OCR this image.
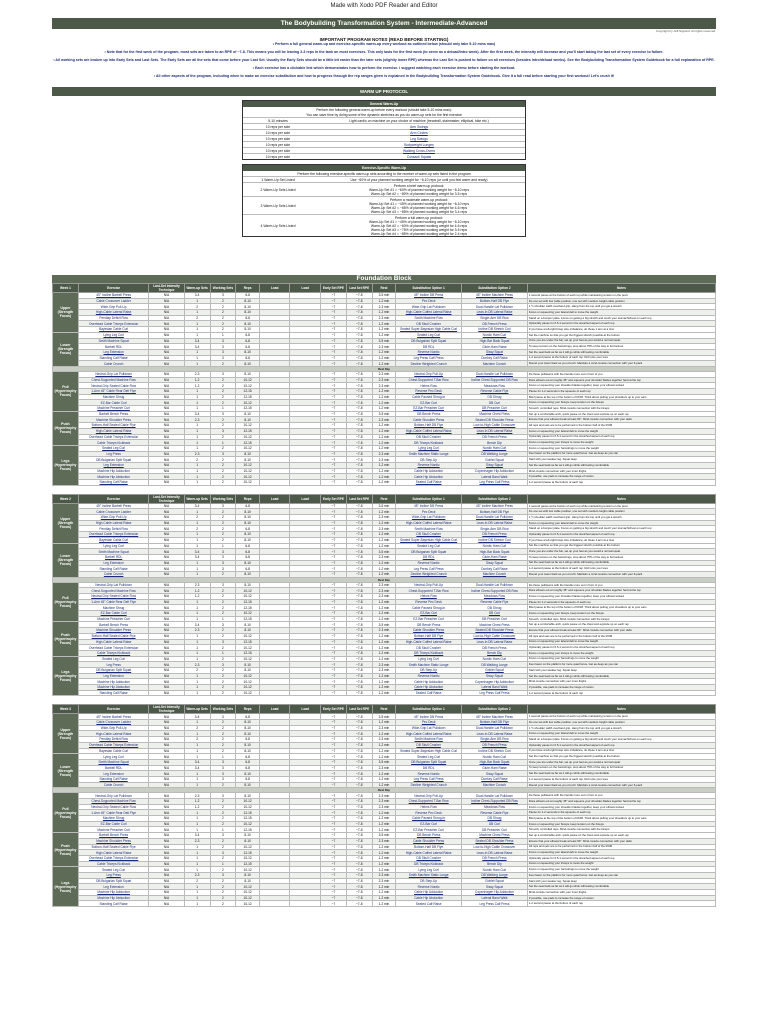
Made with Xodo PDF Reader and Editor
The Bodybuilding Transformation System - Intermediate-Advanced
Copyright by Jeff Nippard. All rights reserved.
IMPORTANT PROGRAM NOTES (READ BEFORE STARTING)
• Perform a full general warm-up and exercise-specific warm-up every workout as outlined below (should only take 5-10 mins max)
• Note that for the first week of the program, most sets are taken to an RPE of ~7-8. This means you will be leaving 2-3 reps in the tank on most exercises. This only lasts for the first week (to serve as a deload/intro week). After the first week, the intensity will increase and you'll start taking the last set of every exercise to failure.
• All working sets are broken up into Early Sets and Last Sets. The Early Sets are all the sets that come before your Last Set. Usually the Early Sets should be a little bit easier than the later sets (slightly lower RPE) whereas the Last Set is pushed to failure on all exercises (besides intro/deload weeks). See the Bodybuilding Transformation System Guidebook for a full explanation of RPE.
• Each exercise has a clickable link which demonstrates how to perform the exercise. I suggest watching each exercise demo before starting the workout.
• All other aspects of the program, including when to make an exercise substitution and how to progress through the rep ranges given is explained in the Bodybuilding Transformation System Guidebook. Give it a full read before starting your first workout! Let's crush it!
WARM UP PROTOCOL
General Warm-Up
Perform the following general warm-up before every workout (should take 5-10 mins max):
You can save time by doing some of the dynamic stretches as you do warm-up sets for the first exercise
5-10 minutes	Light cardio on machine on your choice of machine (treadmill, stairmaster, elliptical, bike etc.)
10 reps per side	Arm Swings
10 reps per side	Arm Circles
10 reps per side	Leg Swings
10 reps per side	Bodyweight Lunges
10 reps per side	Walking Cross-Overs
10 reps per side	Cossack Squats
Exercise-Specific Warm-Up
Perform the following exercise-specific warm-up sets according to the number of warm-up sets listed in the program
1 Warm-Up Set Listed	Use ~60% of your planned working weight for ~6-10 reps (or until you feel warm and ready)
2 Warm-Up Sets Listed
Perform a brief warm-up protocol:
Warm-Up Set #1 = ~60% of planned working weight for ~6-10 reps
Warm-Up Set #2 = ~80% of planned working weight for 3-5 reps
3 Warm-Up Sets Listed
Perform a moderate warm-up protocol:
Warm-Up Set #1 = ~45% of planned working weight for ~6-10 reps
Warm-Up Set #2 = ~65% of planned working weight for 4-6 reps
Warm-Up Set #3 = ~85% of planned working weight for 3-4 reps
4 Warm-Up Sets Listed
Perform a full warm-up protocol:
Warm-Up Set #1 = ~45% of planned working weight for ~6-10 reps
Warm-Up Set #2 = ~60% of planned working weight for 4-6 reps
Warm-Up Set #3 = ~75% of planned working weight for 3-5 reps
Warm-Up Set #4 = ~85% of planned working weight for 2-4 reps
Foundation Block
Week 1	Exercise	Last-Set Intensity Technique	Warm-up Sets	Working Sets	Reps	Load	Load	Early Set RPE	Last Set RPE	Rest	Substitution Option 1	Substitution Option 2	Notes
Upper (Strength Focus)	45° Incline Barbell Press	N/A	3-4	3	6-8			~7	~7-8	3-5 min	45° Incline DB Press	45° Incline Machine Press	1 second pause at the bottom of each rep while maintaining tension on the pecs
	Cable Crossover Ladder	N/A	1	2	8-10			~7	~7-8	1-2 min	Pec Deck	Bottom-Half DB Flye	Do one set with low cable position, one set with medium-height cable position
	Wide-Grip Pull-Up	N/A	2	2	8-10			~7	~7-8	2-3 min	Wide-Grip Lat Pulldown	Dual-Handle Lat Pulldown	1 ½ shoulder width overhand grip. Hang from the top until you get a stretch
	High-Cable Lateral Raise	N/A	1	2	8-10			~7	~7-8	1-2 min	High-Cable Cuffed Lateral Raise	Lean-In DB Lateral Raise	Focus on squeezing your lateral delt to move the weight
	Pendlay Deficit Row	N/A	2	2	6-8			~7	~7-8	2-3 min	Smith Machine Row	Single-Arm DB Row	Stand on a bumper plate. Focus on getting a big stretch and touch your stomach/chest on each rep
	Overhead Cable Triceps Extension	N/A	1	2	8-10			~7	~7-8	1-2 min	DB Skull Crusher	DB French Press	Optionally pause for 0.5-1 second in the stretched aspect of each rep
	Bayesian Cable Curl	N/A	1	2	8-10			~7	~7-8	1-2 min	Seated Super-Bayesian High Cable Curl	Incline DB Stretch Curl	If you have a left-right bicep size imbalance, do these 1 arm at a time
Lower (Strength Focus)	Lying Leg Curl	N/A	1	1	6-8			~7	~7-8	1-2 min	Seated Leg Curl	Nordic Ham Curl	Set the machine so that you get the biggest stretch possible at the bottom
	Smith Machine Squat	N/A	3-4	3	6-8			~7	~7-8	3-5 min	DB Bulgarian Split Squat	High-Bar Back Squat	Once you are under the bar, set up your feet as you would a normal squat
	Barbell RDL	N/A	3-4	3	6-8			~7	~7-8	2-3 min	DB RDL	Glute-Ham Raise	To keep tension on the hamstrings, stop about 75% of the way to full lockout
	Leg Extension	N/A	1	3	8-10			~7	~7-8	1-2 min	Reverse Nordic	Sissy Squat	Set the seat back as far as it will go while still feeling comfortable
	Standing Calf Raise	N/A	1	3	6-8			~7	~7-8	1-2 min	Leg Press Calf Press	Donkey Calf Raise	1-2 second pause at the bottom of each rep. Roll onto your toes
	Cable Crunch	N/A	1	2	8-10			~7	~7-8	1-2 min	Decline Weighted Crunch	Machine Crunch	Round your lower back as you crunch. Maintain a mind-muscle connection with your 6-pack
Rest Day													
Pull (Hypertrophy Focus)	Neutral-Grip Lat Pulldown	N/A	2-3	3	8-10			~7	~7-8	2-3 min	Neutral-Grip Pull-Up	Dual-Handle Lat Pulldown	Do these pulldowns with the handle more out in front of you
	Chest-Supported Machine Row	N/A	1-2	2	10-12			~7	~7-8	2-3 min	Chest-Supported T-Bar Row	Incline Chest-Supported DB Row	Flare elbows out at roughly 45° and squeeze your shoulder blades together hard at the top
	Neutral-Grip Seated Cable Row	N/A	1-2	2	10-12			~7	~7-8	2-3 min	Helms Row	Meadows Row	Focus on squeezing your shoulder blades together, keep your elbows tucked
	1-Arm 45° Cable Rear Delt Flye	N/A	1	2	12-15			~7	~7-8	1-2 min	Reverse Pec Deck	Reverse Cable Flye	Pause for 1-2 seconds in the squeeze of each rep
	Machine Shrug	N/A	1	2	12-15			~7	~7-8	1-2 min	Cable Paused Shrug-In	DB Shrug	Brief pause at the top of the bottom of ROM. Think about pulling your shoulders up to your ears
	EZ-Bar Cable Curl	N/A	1	2	10-12			~7	~7-8	1-2 min	EZ-Bar Curl	DB Curl	Focus on squeezing your biceps, keep tension on the biceps
	Machine Preacher Curl	N/A	1	1	12-15			~7	~7-8	1-2 min	EZ-Bar Preacher Curl	DB Preacher Curl	Smooth, controlled reps. Mind-muscle connection with the biceps
Push (Hypertrophy Focus)	Barbell Bench Press	N/A	3-4	3	8-10			~7	~7-8	3-5 min	DB Bench Press	Machine Chest Press	Set up a comfortable arch, quick pause on the chest and explode up on each rep
	Machine Shoulder Press	N/A	2-3	2	8-10			~7	~7-8	2-3 min	Cable Shoulder Press	Seated DB Shoulder Press	Ensure that your elbows break at least 90°. Mind-muscle connection with your delts
	Bottom-Half Seated Cable Flye	N/A	1	2	10-12			~7	~7-8	1-2 min	Bottom-Half DB Flye	Low-to-High Cable Crossover	All reps and sets are to be performed in the bottom half of the ROM
	High-Cable Lateral Raise	N/A	1	3	12-15			~7	~7-8	1-2 min	High-Cable Cuffed Lateral Raise	Lean-In DB Lateral Raise	Focus on squeezing your lateral delt to move the weight
	Overhead Cable Triceps Extension	N/A	1	2	10-12			~7	~7-8	1-2 min	DB Skull Crusher	DB French Press	Optionally pause for 0.5-1 second in the stretched aspect of each rep
	Cable Triceps Kickback	N/A	1	1	12-15			~7	~7-8	1-2 min	DB Triceps Kickback	Bench Dip	Focus on squeezing your triceps to move the weight
Legs (Hypertrophy Focus)	Seated Leg Curl	N/A	1	2	10-12			~7	~7-8	1-2 min	Lying Leg Curl	Nordic Ham Curl	Focus on squeezing your hamstrings to move the weight
	Leg Press	N/A	2-3	3	8-10			~7	~7-8	2-3 min	Smith Machine Static Lunge	DB Walking Lunge	Feet lower on the platform for more quad focus. Get as deep as you can
	DB Bulgarian Split Squat	N/A	2	2	8-10			~7	~7-8	2-3 min	DB Step-Up	Goblet Squat	Start with your weaker leg. Squat deep
	Leg Extension	N/A	1	2	10-12			~7	~7-8	1-2 min	Reverse Nordic	Sissy Squat	Set the seat back as far as it will go while still feeling comfortable
	Machine Hip Adduction	N/A	1	2	10-12			~7	~7-8	1-2 min	Cable Hip Adduction	Copenhagen Hip Adduction	Mind-muscle connection with your inner thighs
	Machine Hip Abduction	N/A	1	2	10-12			~7	~7-8	1-2 min	Cable Hip Abduction	Lateral Band Walk	If possible, use pads to increase the range of motion
	Standing Calf Raise	N/A	1	2	10-12			~7	~7-8	1-2 min	Seated Calf Raise	Leg Press Calf Press	1-2 second pause at the bottom of each rep
Week 2	Exercise	Last-Set Intensity Technique	Warm-up Sets	Working Sets	Reps	Load	Load	Early Set RPE	Last Set RPE	Rest	Substitution Option 1	Substitution Option 2	Notes
Upper (Strength Focus)	45° Incline Barbell Press	N/A	3-4	3	6-8			~7	~7-8	3-5 min	45° Incline DB Press	45° Incline Machine Press	1 second pause at the bottom of each rep while maintaining tension on the pecs
	Cable Crossover Ladder	N/A	1	2	8-10			~7	~7-8	1-2 min	Pec Deck	Bottom-Half DB Flye	Do one set with low cable position, one set with medium-height cable position
	Wide-Grip Pull-Up	N/A	2	2	8-10			~7	~7-8	2-3 min	Wide-Grip Lat Pulldown	Dual-Handle Lat Pulldown	1 ½ shoulder width overhand grip. Hang from the top until you get a stretch
	High-Cable Lateral Raise	N/A	1	2	8-10			~7	~7-8	1-2 min	High-Cable Cuffed Lateral Raise	Lean-In DB Lateral Raise	Focus on squeezing your lateral delt to move the weight
	Pendlay Deficit Row	N/A	2	2	6-8			~7	~7-8	2-3 min	Smith Machine Row	Single-Arm DB Row	Stand on a bumper plate. Focus on getting a big stretch and touch your stomach/chest on each rep
	Overhead Cable Triceps Extension	N/A	1	2	8-10			~7	~7-8	1-2 min	DB Skull Crusher	DB French Press	Optionally pause for 0.5-1 second in the stretched aspect of each rep
	Bayesian Cable Curl	N/A	1	2	8-10			~7	~7-8	1-2 min	Seated Super-Bayesian High Cable Curl	Incline DB Stretch Curl	If you have a left-right bicep size imbalance, do these 1 arm at a time
Lower (Strength Focus)	Lying Leg Curl	N/A	1	1	6-8			~7	~7-8	1-2 min	Seated Leg Curl	Nordic Ham Curl	Set the machine so that you get the biggest stretch possible at the bottom
	Smith Machine Squat	N/A	3-4	3	6-8			~7	~7-8	3-5 min	DB Bulgarian Split Squat	High-Bar Back Squat	Once you are under the bar, set up your feet as you would a normal squat
	Barbell RDL	N/A	3-4	3	6-8			~7	~7-8	2-3 min	DB RDL	Glute-Ham Raise	To keep tension on the hamstrings, stop about 75% of the way to full lockout
	Leg Extension	N/A	1	3	8-10			~7	~7-8	1-2 min	Reverse Nordic	Sissy Squat	Set the seat back as far as it will go while still feeling comfortable
	Standing Calf Raise	N/A	1	3	6-8			~7	~7-8	1-2 min	Leg Press Calf Press	Donkey Calf Raise	1-2 second pause at the bottom of each rep. Roll onto your toes
	Cable Crunch	N/A	1	2	8-10			~7	~7-8	1-2 min	Decline Weighted Crunch	Machine Crunch	Round your lower back as you crunch. Maintain a mind-muscle connection with your 6-pack
Rest Day													
Pull (Hypertrophy Focus)	Neutral-Grip Lat Pulldown	N/A	2-3	3	8-10			~7	~7-8	2-3 min	Neutral-Grip Pull-Up	Dual-Handle Lat Pulldown	Do these pulldowns with the handle more out in front of you
	Chest-Supported Machine Row	N/A	1-2	2	10-12			~7	~7-8	2-3 min	Chest-Supported T-Bar Row	Incline Chest-Supported DB Row	Flare elbows out at roughly 45° and squeeze your shoulder blades together hard at the top
	Neutral-Grip Seated Cable Row	N/A	1-2	2	10-12			~7	~7-8	2-3 min	Helms Row	Meadows Row	Focus on squeezing your shoulder blades together, keep your elbows tucked
	1-Arm 45° Cable Rear Delt Flye	N/A	1	2	12-15			~7	~7-8	1-2 min	Reverse Pec Deck	Reverse Cable Flye	Pause for 1-2 seconds in the squeeze of each rep
	Machine Shrug	N/A	1	2	12-15			~7	~7-8	1-2 min	Cable Paused Shrug-In	DB Shrug	Brief pause at the top of the bottom of ROM. Think about pulling your shoulders up to your ears
	EZ-Bar Cable Curl	N/A	1	2	10-12			~7	~7-8	1-2 min	EZ-Bar Curl	DB Curl	Focus on squeezing your biceps, keep tension on the biceps
	Machine Preacher Curl	N/A	1	1	12-15			~7	~7-8	1-2 min	EZ-Bar Preacher Curl	DB Preacher Curl	Smooth, controlled reps. Mind-muscle connection with the biceps
Push (Hypertrophy Focus)	Barbell Bench Press	N/A	3-4	3	8-10			~7	~7-8	3-5 min	DB Bench Press	Machine Chest Press	Set up a comfortable arch, quick pause on the chest and explode up on each rep
	Machine Shoulder Press	N/A	2-3	2	8-10			~7	~7-8	2-3 min	Cable Shoulder Press	Seated DB Shoulder Press	Ensure that your elbows break at least 90°. Mind-muscle connection with your delts
	Bottom-Half Seated Cable Flye	N/A	1	2	10-12			~7	~7-8	1-2 min	Bottom-Half DB Flye	Low-to-High Cable Crossover	All reps and sets are to be performed in the bottom half of the ROM
	High-Cable Lateral Raise	N/A	1	3	12-15			~7	~7-8	1-2 min	High-Cable Cuffed Lateral Raise	Lean-In DB Lateral Raise	Focus on squeezing your lateral delt to move the weight
	Overhead Cable Triceps Extension	N/A	1	2	10-12			~7	~7-8	1-2 min	DB Skull Crusher	DB French Press	Optionally pause for 0.5-1 second in the stretched aspect of each rep
	Cable Triceps Kickback	N/A	1	1	12-15			~7	~7-8	1-2 min	DB Triceps Kickback	Bench Dip	Focus on squeezing your triceps to move the weight
Legs (Hypertrophy Focus)	Seated Leg Curl	N/A	1	2	10-12			~7	~7-8	1-2 min	Lying Leg Curl	Nordic Ham Curl	Focus on squeezing your hamstrings to move the weight
	Leg Press	N/A	2-3	3	8-10			~7	~7-8	2-3 min	Smith Machine Static Lunge	DB Walking Lunge	Feet lower on the platform for more quad focus. Get as deep as you can
	DB Bulgarian Split Squat	N/A	2	2	8-10			~7	~7-8	2-3 min	DB Step-Up	Goblet Squat	Start with your weaker leg. Squat deep
	Leg Extension	N/A	1	2	10-12			~7	~7-8	1-2 min	Reverse Nordic	Sissy Squat	Set the seat back as far as it will go while still feeling comfortable
	Machine Hip Adduction	N/A	1	2	10-12			~7	~7-8	1-2 min	Cable Hip Adduction	Copenhagen Hip Adduction	Mind-muscle connection with your inner thighs
	Machine Hip Abduction	N/A	1	2	10-12			~7	~7-8	1-2 min	Cable Hip Abduction	Lateral Band Walk	If possible, use pads to increase the range of motion
	Standing Calf Raise	N/A	1	2	10-12			~7	~7-8	1-2 min	Seated Calf Raise	Leg Press Calf Press	1-2 second pause at the bottom of each rep
Week 3	Exercise	Last-Set Intensity Technique	Warm-up Sets	Working Sets	Reps	Load	Load	Early Set RPE	Last Set RPE	Rest	Substitution Option 1	Substitution Option 2	Notes
Upper (Strength Focus)	45° Incline Barbell Press	N/A	3-4	3	6-8			~7	~7-8	3-5 min	45° Incline DB Press	45° Incline Machine Press	1 second pause at the bottom of each rep while maintaining tension on the pecs
	Cable Crossover Ladder	N/A	1	2	8-10			~7	~7-8	1-2 min	Pec Deck	Bottom-Half DB Flye	Do one set with low cable position, one set with medium-height cable position
	Wide-Grip Pull-Up	N/A	2	2	8-10			~7	~7-8	2-3 min	Wide-Grip Lat Pulldown	Dual-Handle Lat Pulldown	1 ½ shoulder width overhand grip. Hang from the top until you get a stretch
	High-Cable Lateral Raise	N/A	1	2	8-10			~7	~7-8	1-2 min	High-Cable Cuffed Lateral Raise	Lean-In DB Lateral Raise	Focus on squeezing your lateral delt to move the weight
	Pendlay Deficit Row	N/A	2	2	6-8			~7	~7-8	2-3 min	Smith Machine Row	Single-Arm DB Row	Stand on a bumper plate. Focus on getting a big stretch and touch your stomach/chest on each rep
	Overhead Cable Triceps Extension	N/A	1	2	8-10			~7	~7-8	1-2 min	DB Skull Crusher	DB French Press	Optionally pause for 0.5-1 second in the stretched aspect of each rep
	Bayesian Cable Curl	N/A	1	2	8-10			~7	~7-8	1-2 min	Seated Super-Bayesian High Cable Curl	Incline DB Stretch Curl	If you have a left-right bicep size imbalance, do these 1 arm at a time
Lower (Strength Focus)	Lying Leg Curl	N/A	1	1	6-8			~7	~7-8	1-2 min	Seated Leg Curl	Nordic Ham Curl	Set the machine so that you get the biggest stretch possible at the bottom
	Smith Machine Squat	N/A	3-4	3	6-8			~7	~7-8	3-5 min	DB Bulgarian Split Squat	High-Bar Back Squat	Once you are under the bar, set up your feet as you would a normal squat
	Barbell RDL	N/A	3-4	3	6-8			~7	~7-8	2-3 min	DB RDL	Glute-Ham Raise	To keep tension on the hamstrings, stop about 75% of the way to full lockout
	Leg Extension	N/A	1	3	8-10			~7	~7-8	1-2 min	Reverse Nordic	Sissy Squat	Set the seat back as far as it will go while still feeling comfortable
	Standing Calf Raise	N/A	1	3	6-8			~7	~7-8	1-2 min	Leg Press Calf Press	Donkey Calf Raise	1-2 second pause at the bottom of each rep. Roll onto your toes
	Cable Crunch	N/A	1	2	8-10			~7	~7-8	1-2 min	Decline Weighted Crunch	Machine Crunch	Round your lower back as you crunch. Maintain a mind-muscle connection with your 6-pack
Rest Day													
Pull (Hypertrophy Focus)	Neutral-Grip Lat Pulldown	N/A	2-3	3	8-10			~7	~7-8	2-3 min	Neutral-Grip Pull-Up	Dual-Handle Lat Pulldown	Do these pulldowns with the handle more out in front of you
	Chest-Supported Machine Row	N/A	1-2	2	10-12			~7	~7-8	2-3 min	Chest-Supported T-Bar Row	Incline Chest-Supported DB Row	Flare elbows out at roughly 45° and squeeze your shoulder blades together hard at the top
	Neutral-Grip Seated Cable Row	N/A	1-2	2	10-12			~7	~7-8	2-3 min	Helms Row	Meadows Row	Focus on squeezing your shoulder blades together, keep your elbows tucked
	1-Arm 45° Cable Rear Delt Flye	N/A	1	2	12-15			~7	~7-8	1-2 min	Reverse Pec Deck	Reverse Cable Flye	Pause for 1-2 seconds in the squeeze of each rep
	Machine Shrug	N/A	1	2	12-15			~7	~7-8	1-2 min	Cable Paused Shrug-In	DB Shrug	Brief pause at the top of the bottom of ROM. Think about pulling your shoulders up to your ears
	EZ-Bar Cable Curl	N/A	1	2	10-12			~7	~7-8	1-2 min	EZ-Bar Curl	DB Curl	Focus on squeezing your biceps, keep tension on the biceps
	Machine Preacher Curl	N/A	1	1	12-15			~7	~7-8	1-2 min	EZ-Bar Preacher Curl	DB Preacher Curl	Smooth, controlled reps. Mind-muscle connection with the biceps
Push (Hypertrophy Focus)	Barbell Bench Press	N/A	3-4	3	8-10			~7	~7-8	3-5 min	DB Bench Press	Machine Chest Press	Set up a comfortable arch, quick pause on the chest and explode up on each rep
	Machine Shoulder Press	N/A	2-3	2	8-10			~7	~7-8	2-3 min	Cable Shoulder Press	Seated DB Shoulder Press	Ensure that your elbows break at least 90°. Mind-muscle connection with your delts
	Bottom-Half Seated Cable Flye	N/A	1	2	10-12			~7	~7-8	1-2 min	Bottom-Half DB Flye	Low-to-High Cable Crossover	All reps and sets are to be performed in the bottom half of the ROM
	High-Cable Lateral Raise	N/A	1	3	12-15			~7	~7-8	1-2 min	High-Cable Cuffed Lateral Raise	Lean-In DB Lateral Raise	Focus on squeezing your lateral delt to move the weight
	Overhead Cable Triceps Extension	N/A	1	2	10-12			~7	~7-8	1-2 min	DB Skull Crusher	DB French Press	Optionally pause for 0.5-1 second in the stretched aspect of each rep
	Cable Triceps Kickback	N/A	1	1	12-15			~7	~7-8	1-2 min	DB Triceps Kickback	Bench Dip	Focus on squeezing your triceps to move the weight
Legs (Hypertrophy Focus)	Seated Leg Curl	N/A	1	2	10-12			~7	~7-8	1-2 min	Lying Leg Curl	Nordic Ham Curl	Focus on squeezing your hamstrings to move the weight
	Leg Press	N/A	2-3	3	8-10			~7	~7-8	2-3 min	Smith Machine Static Lunge	DB Walking Lunge	Feet lower on the platform for more quad focus. Get as deep as you can
	DB Bulgarian Split Squat	N/A	2	2	8-10			~7	~7-8	2-3 min	DB Step-Up	Goblet Squat	Start with your weaker leg. Squat deep
	Leg Extension	N/A	1	2	10-12			~7	~7-8	1-2 min	Reverse Nordic	Sissy Squat	Set the seat back as far as it will go while still feeling comfortable
	Machine Hip Adduction	N/A	1	2	10-12			~7	~7-8	1-2 min	Cable Hip Adduction	Copenhagen Hip Adduction	Mind-muscle connection with your inner thighs
	Machine Hip Abduction	N/A	1	2	10-12			~7	~7-8	1-2 min	Cable Hip Abduction	Lateral Band Walk	If possible, use pads to increase the range of motion
	Standing Calf Raise	N/A	1	2	10-12			~7	~7-8	1-2 min	Seated Calf Raise	Leg Press Calf Press	1-2 second pause at the bottom of each rep
